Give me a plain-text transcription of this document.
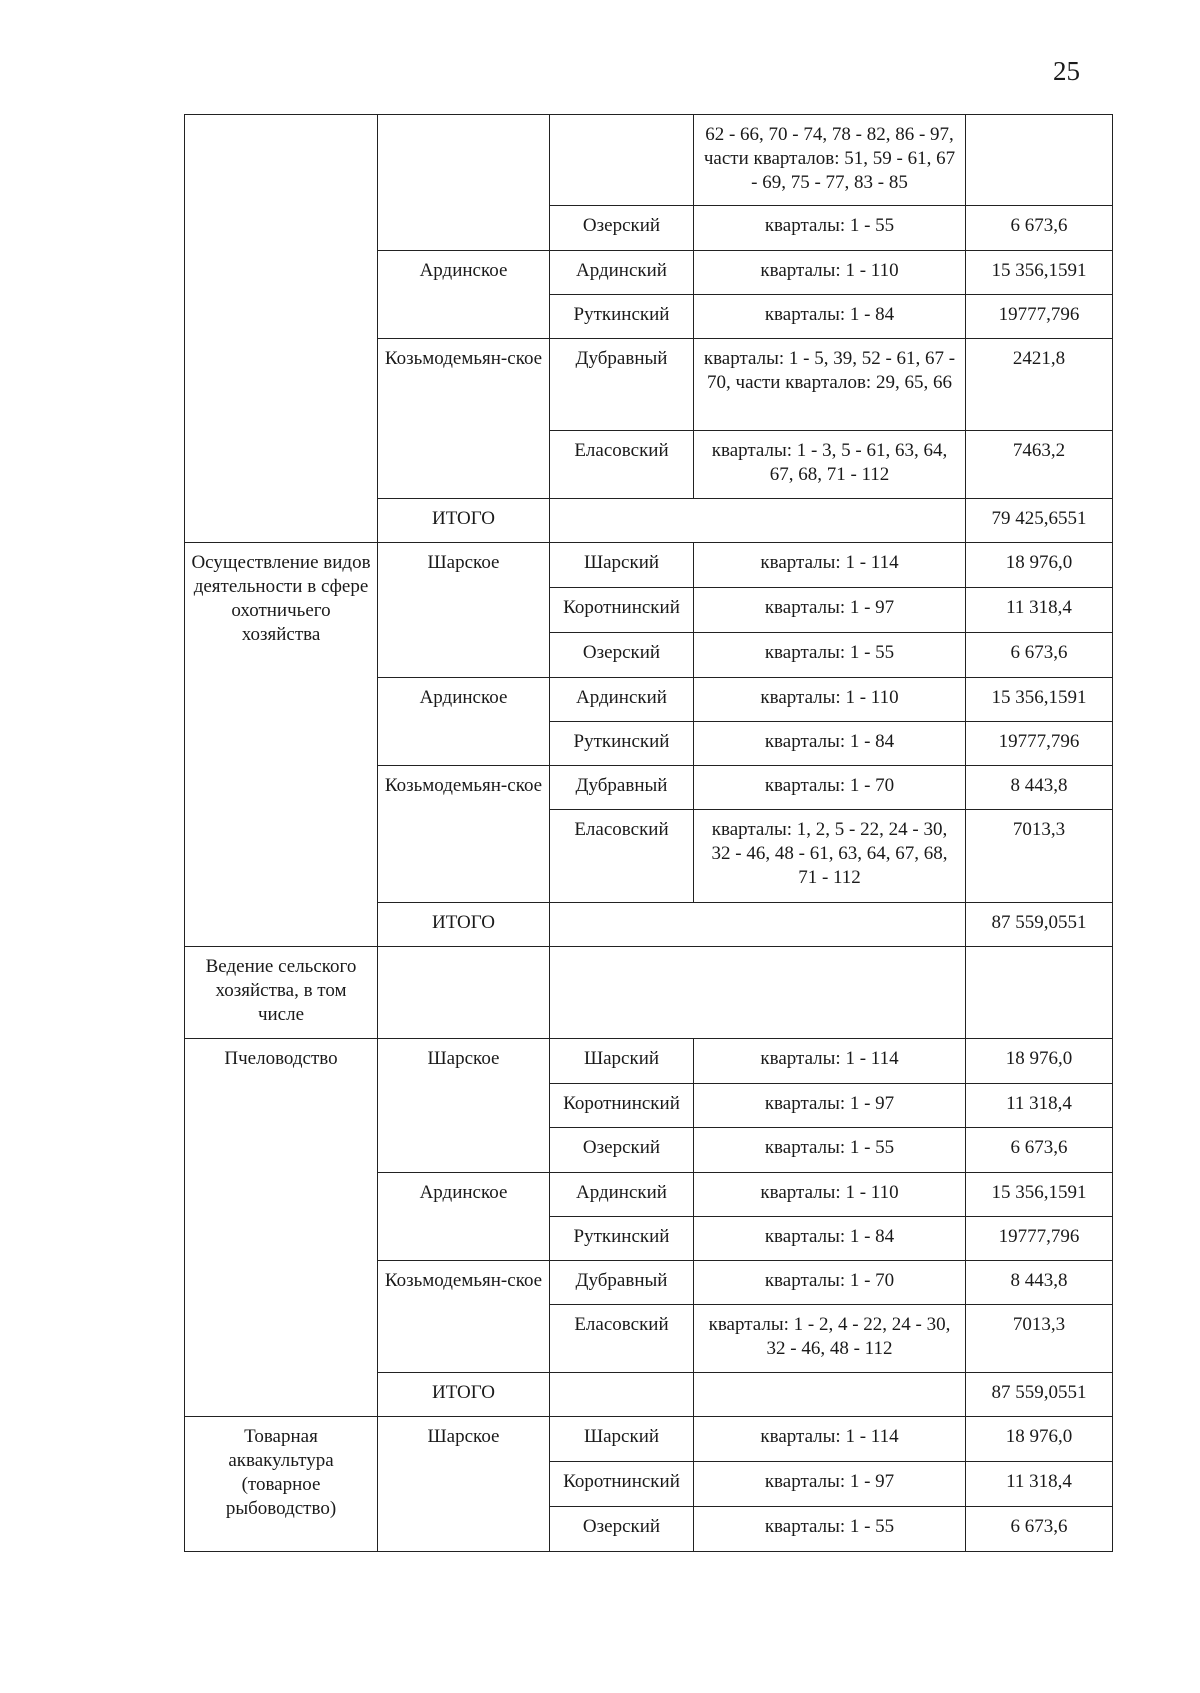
25
			62 - 66, 70 - 74, 78 - 82, 86 - 97, части кварталов: 51, 59 - 61, 67 - 69, 75 - 77, 83 - 85	
		Озерский	кварталы: 1 - 55	6 673,6
	Ардинское	Ардинский	кварталы: 1 - 110	15 356,1591
		Руткинский	кварталы: 1 - 84	19777,796
	Козьмодемьян-ское	Дубравный	кварталы: 1 - 5, 39, 52 - 61, 67 - 70, части кварталов: 29, 65, 66	2421,8
		Еласовский	кварталы: 1 - 3, 5 - 61, 63, 64, 67, 68, 71 - 112	7463,2
	ИТОГО			79 425,6551
Осуществление видов деятельности в сфере охотничьего хозяйства	Шарское	Шарский	кварталы: 1 - 114	18 976,0
		Коротнинский	кварталы: 1 - 97	11 318,4
		Озерский	кварталы: 1 - 55	6 673,6
	Ардинское	Ардинский	кварталы: 1 - 110	15 356,1591
		Руткинский	кварталы: 1 - 84	19777,796
	Козьмодемьян-ское	Дубравный	кварталы: 1 - 70	8 443,8
		Еласовский	кварталы: 1, 2, 5 - 22, 24 - 30, 32 - 46, 48 - 61, 63, 64, 67, 68, 71 - 112	7013,3
	ИТОГО			87 559,0551
Ведение сельского хозяйства, в том числе				
Пчеловодство	Шарское	Шарский	кварталы: 1 - 114	18 976,0
		Коротнинский	кварталы: 1 - 97	11 318,4
		Озерский	кварталы: 1 - 55	6 673,6
	Ардинское	Ардинский	кварталы: 1 - 110	15 356,1591
		Руткинский	кварталы: 1 - 84	19777,796
	Козьмодемьян-ское	Дубравный	кварталы: 1 - 70	8 443,8
		Еласовский	кварталы: 1 - 2, 4 - 22, 24 - 30, 32 - 46, 48 - 112	7013,3
	ИТОГО			87 559,0551
Товарная аквакультура (товарное рыбоводство)	Шарское	Шарский	кварталы: 1 - 114	18 976,0
		Коротнинский	кварталы: 1 - 97	11 318,4
		Озерский	кварталы: 1 - 55	6 673,6
